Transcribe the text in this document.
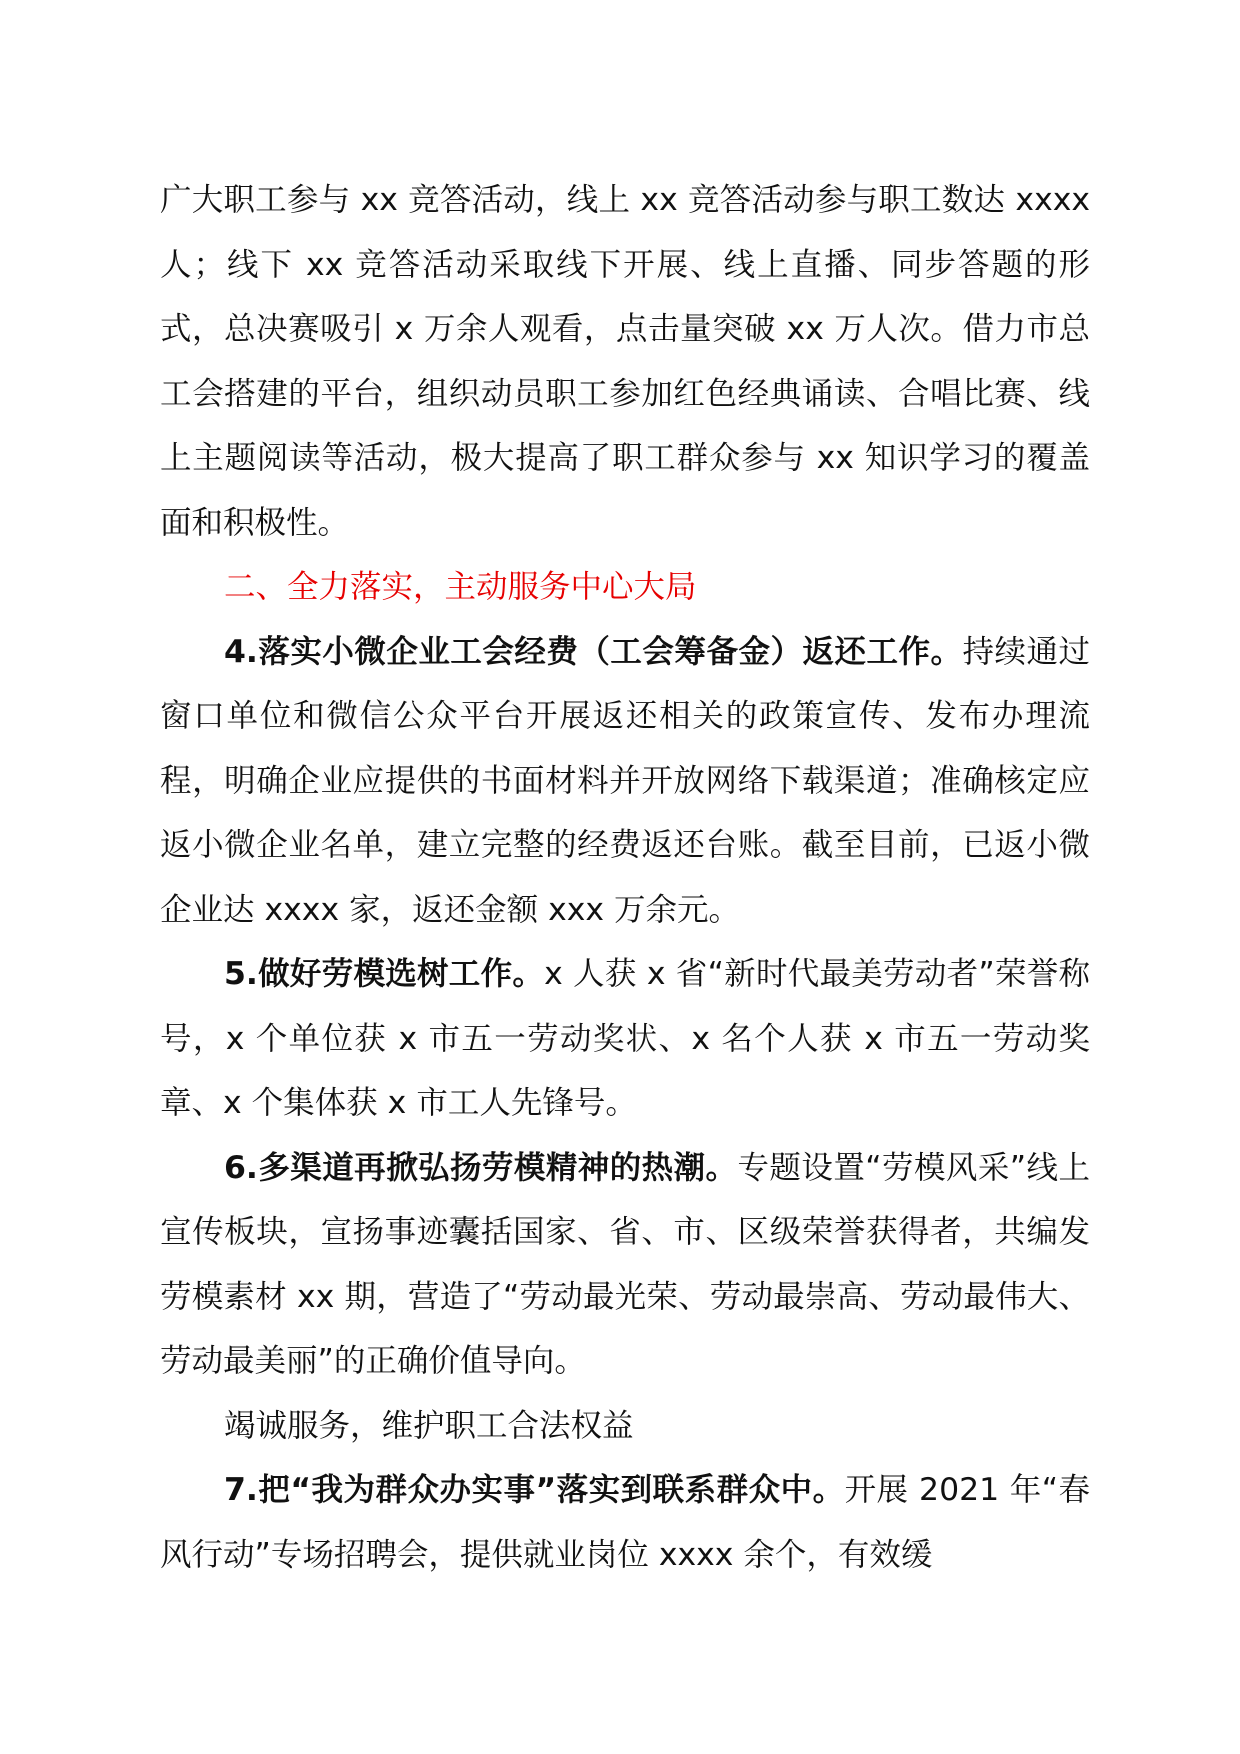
广大职工参与 xx 竞答活动，线上 xx 竞答活动参与职工数达 xxxx 人；线下 xx 竞答活动采取线下开展、线上直播、同步答题的形式，总决赛吸引 x 万余人观看，点击量突破 xx 万人次。借力市总工会搭建的平台，组织动员职工参加红色经典诵读、合唱比赛、线上主题阅读等活动，极大提高了职工群众参与 xx 知识学习的覆盖面和积极性。

二、全力落实，主动服务中心大局

4.落实小微企业工会经费（工会筹备金）返还工作。持续通过窗口单位和微信公众平台开展返还相关的政策宣传、发布办理流程，明确企业应提供的书面材料并开放网络下载渠道；准确核定应返小微企业名单，建立完整的经费返还台账。截至目前，已返小微企业达 xxxx 家，返还金额 xxx 万余元。

5.做好劳模选树工作。x 人获 x 省“新时代最美劳动者”荣誉称号，x 个单位获 x 市五一劳动奖状、x 名个人获 x 市五一劳动奖章、x 个集体获 x 市工人先锋号。

6.多渠道再掀弘扬劳模精神的热潮。专题设置“劳模风采”线上宣传板块，宣扬事迹囊括国家、省、市、区级荣誉获得者，共编发劳模素材 xx 期，营造了“劳动最光荣、劳动最崇高、劳动最伟大、劳动最美丽”的正确价值导向。

竭诚服务，维护职工合法权益

7.把“我为群众办实事”落实到联系群众中。开展 2021 年“春风行动”专场招聘会，提供就业岗位 xxxx 余个，有效缓
